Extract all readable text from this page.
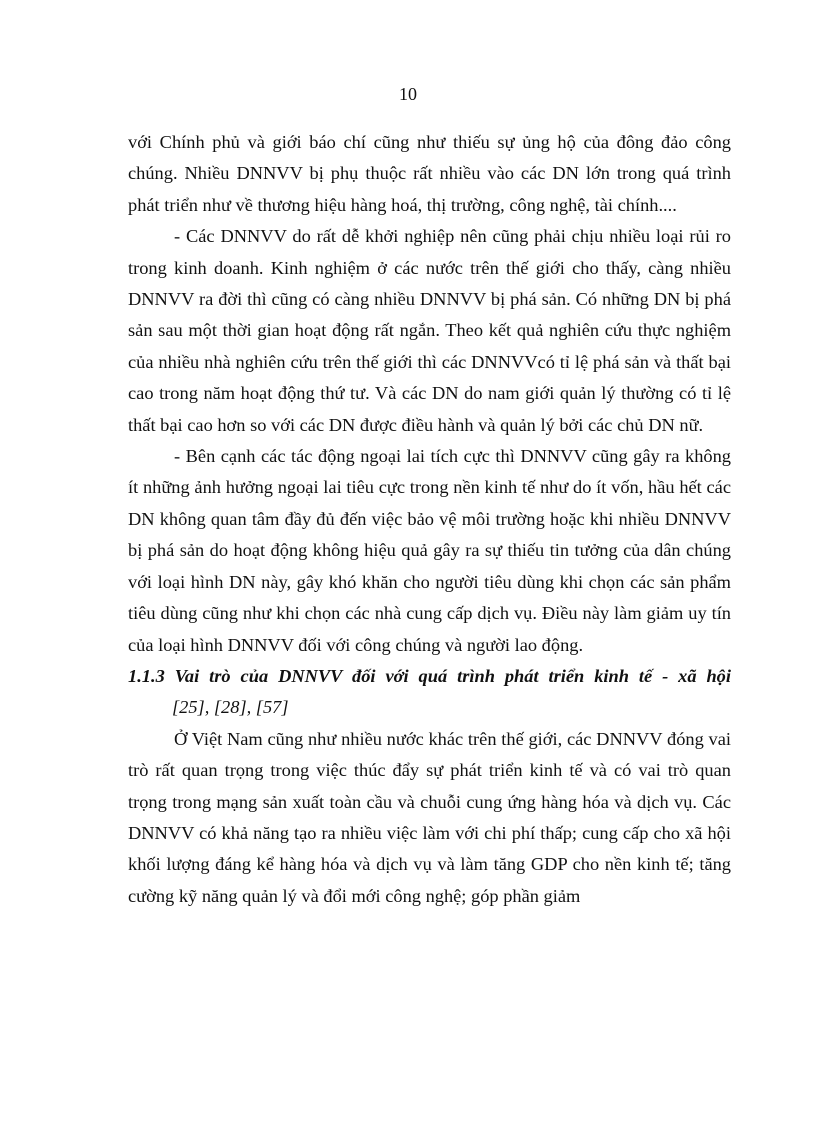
10

với Chính phủ và giới báo chí cũng như thiếu sự ủng hộ của đông đảo công chúng. Nhiều DNNVV bị phụ thuộc rất nhiều vào các DN lớn trong quá trình phát triển như về thương hiệu hàng hoá, thị trường, công nghệ, tài chính....

- Các DNNVV do rất dễ khởi nghiệp nên cũng phải chịu nhiều loại rủi ro trong kinh doanh. Kinh nghiệm ở các nước trên thế giới cho thấy, càng nhiều DNNVV ra đời thì cũng có càng nhiều DNNVV bị phá sản. Có những DN bị phá sản sau một thời gian hoạt động rất ngắn. Theo kết quả nghiên cứu thực nghiệm của nhiều nhà nghiên cứu trên thế giới thì các DNNVVcó tỉ lệ phá sản và thất bại cao trong năm hoạt động thứ tư. Và các DN do nam giới quản lý thường có tỉ lệ thất bại cao hơn so với các DN được điều hành và quản lý bởi các chủ DN nữ.

- Bên cạnh các tác động ngoại lai tích cực thì DNNVV cũng gây ra không ít những ảnh hưởng ngoại lai tiêu cực trong nền kinh tế như do ít vốn, hầu hết các DN không quan tâm đầy đủ đến việc bảo vệ môi trường hoặc khi nhiều DNNVV bị phá sản do hoạt động không hiệu quả gây ra sự thiếu tin tưởng của dân chúng với loại hình DN này, gây khó khăn cho người tiêu dùng khi chọn các sản phẩm tiêu dùng cũng như khi chọn các nhà cung cấp dịch vụ. Điều này làm giảm uy tín của loại hình DNNVV đối với công chúng và người lao động.

1.1.3 Vai trò của DNNVV đối với quá trình phát triển kinh tế - xã hội

[25], [28], [57]

Ở Việt Nam cũng như nhiều nước khác trên thế giới, các DNNVV đóng vai trò rất quan trọng trong việc thúc đẩy sự phát triển kinh tế và có vai trò quan trọng trong mạng sản xuất toàn cầu và chuỗi cung ứng hàng hóa và dịch vụ. Các DNNVV có khả năng tạo ra nhiều việc làm với chi phí thấp; cung cấp cho xã hội khối lượng đáng kể hàng hóa và dịch vụ và làm tăng GDP cho nền kinh tế; tăng cường kỹ năng quản lý và đổi mới công nghệ; góp phần giảm
